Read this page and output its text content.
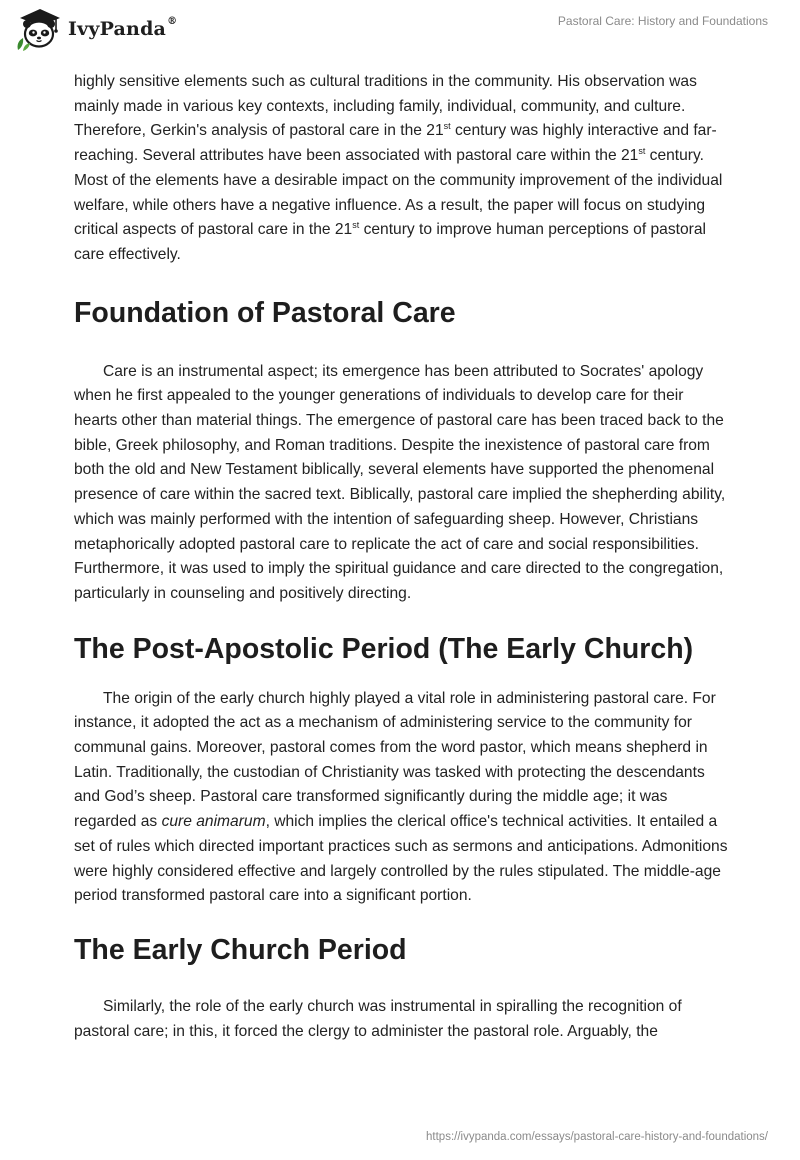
IvyPanda®	Pastoral Care: History and Foundations

highly sensitive elements such as cultural traditions in the community. His observation was mainly made in various key contexts, including family, individual, community, and culture. Therefore, Gerkin's analysis of pastoral care in the 21st century was highly interactive and far-reaching. Several attributes have been associated with pastoral care within the 21st century. Most of the elements have a desirable impact on the community improvement of the individual welfare, while others have a negative influence. As a result, the paper will focus on studying critical aspects of pastoral care in the 21st century to improve human perceptions of pastoral care effectively.

Foundation of Pastoral Care

Care is an instrumental aspect; its emergence has been attributed to Socrates' apology when he first appealed to the younger generations of individuals to develop care for their hearts other than material things. The emergence of pastoral care has been traced back to the bible, Greek philosophy, and Roman traditions. Despite the inexistence of pastoral care from both the old and New Testament biblically, several elements have supported the phenomenal presence of care within the sacred text. Biblically, pastoral care implied the shepherding ability, which was mainly performed with the intention of safeguarding sheep. However, Christians metaphorically adopted pastoral care to replicate the act of care and social responsibilities. Furthermore, it was used to imply the spiritual guidance and care directed to the congregation, particularly in counseling and positively directing.

The Post-Apostolic Period (The Early Church)

The origin of the early church highly played a vital role in administering pastoral care. For instance, it adopted the act as a mechanism of administering service to the community for communal gains. Moreover, pastoral comes from the word pastor, which means shepherd in Latin. Traditionally, the custodian of Christianity was tasked with protecting the descendants and God’s sheep. Pastoral care transformed significantly during the middle age; it was regarded as cure animarum, which implies the clerical office's technical activities. It entailed a set of rules which directed important practices such as sermons and anticipations. Admonitions were highly considered effective and largely controlled by the rules stipulated. The middle-age period transformed pastoral care into a significant portion.

The Early Church Period

Similarly, the role of the early church was instrumental in spiralling the recognition of pastoral care; in this, it forced the clergy to administer the pastoral role. Arguably, the

https://ivypanda.com/essays/pastoral-care-history-and-foundations/
